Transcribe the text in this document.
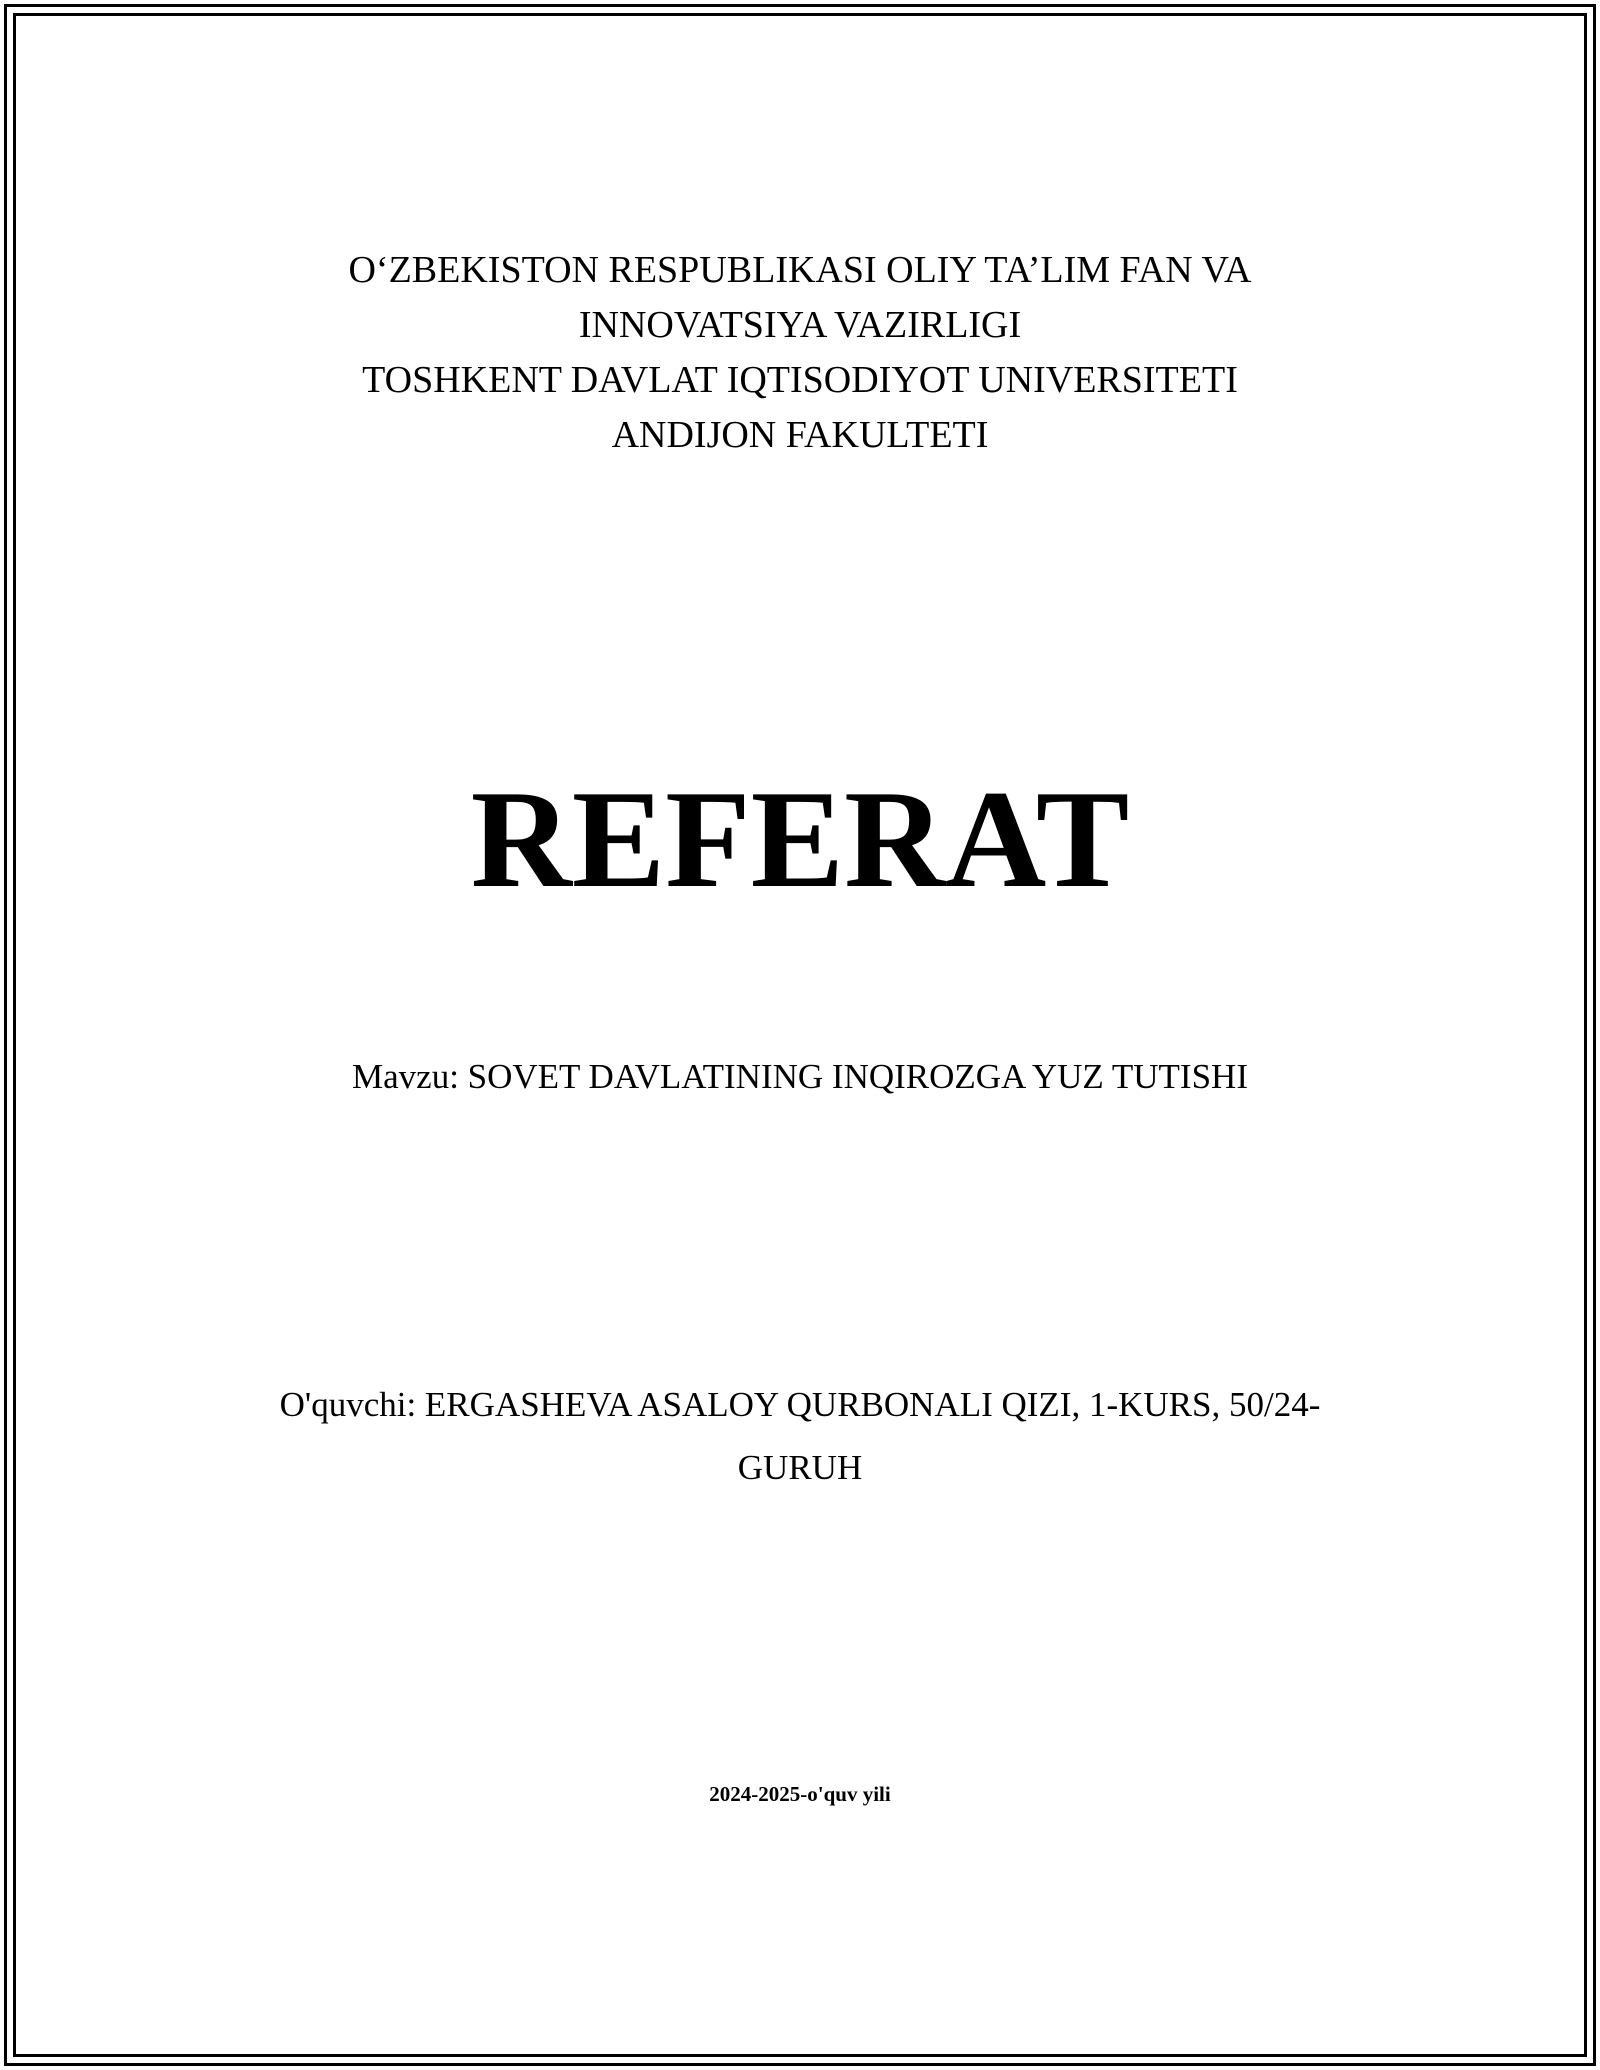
O‘ZBEKISTON RESPUBLIKASI OLIY TA’LIM FAN VA
INNOVATSIYA VAZIRLIGI
TOSHKENT DAVLAT IQTISODIYOT UNIVERSITETI
ANDIJON FAKULTETI
REFERAT
Mavzu: SOVET DAVLATINING INQIROZGA YUZ TUTISHI
O'quvchi: ERGASHEVA ASALOY QURBONALI QIZI, 1-KURS, 50/24-
GURUH
2024-2025-o'quv yili
